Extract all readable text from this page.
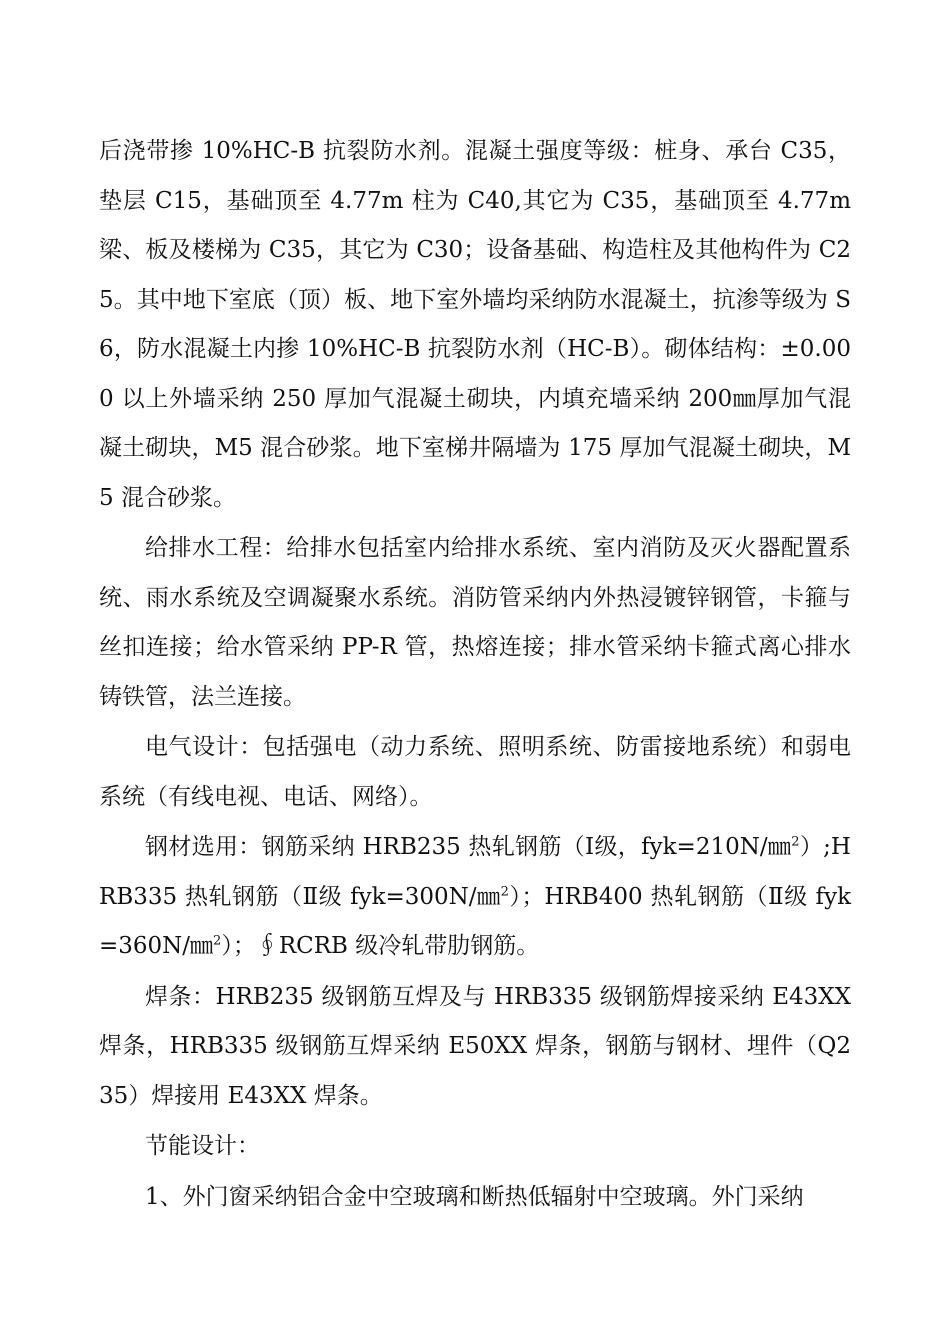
后浇带掺 10%HC-B 抗裂防水剂。混凝土强度等级：桩身、承台 C35，垫层 C15，基础顶至 4.77m 柱为 C40,其它为 C35，基础顶至 4.77m 梁、板及楼梯为 C35，其它为 C30；设备基础、构造柱及其他构件为 C25。其中地下室底（顶）板、地下室外墙均采纳防水混凝土，抗渗等级为 S6，防水混凝土内掺 10%HC-B 抗裂防水剂（HC-B）。砌体结构：±0.000 以上外墙采纳 250 厚加气混凝土砌块，内填充墙采纳 200㎜厚加气混凝土砌块，M5 混合砂浆。地下室梯井隔墙为 175 厚加气混凝土砌块，M5 混合砂浆。

给排水工程：给排水包括室内给排水系统、室内消防及灭火器配置系统、雨水系统及空调凝聚水系统。消防管采纳内外热浸镀锌钢管，卡箍与丝扣连接；给水管采纳 PP-R 管，热熔连接；排水管采纳卡箍式离心排水铸铁管，法兰连接。

电气设计：包括强电（动力系统、照明系统、防雷接地系统）和弱电系统（有线电视、电话、网络）。

钢材选用：钢筋采纳 HRB235 热轧钢筋（Ⅰ级，fyk=210N/㎜$^2$）;HRB335 热轧钢筋（Ⅱ级 fyk=300N/㎜$^2$）；HRB400 热轧钢筋（Ⅱ级 fyk=360N/㎜$^2$）；∮RCRB 级冷轧带肋钢筋。

焊条：HRB235 级钢筋互焊及与 HRB335 级钢筋焊接采纳 E43XX 焊条，HRB335 级钢筋互焊采纳 E50XX 焊条，钢筋与钢材、埋件（Q235）焊接用 E43XX 焊条。

节能设计：

1、外门窗采纳铝合金中空玻璃和断热低辐射中空玻璃。外门采纳
